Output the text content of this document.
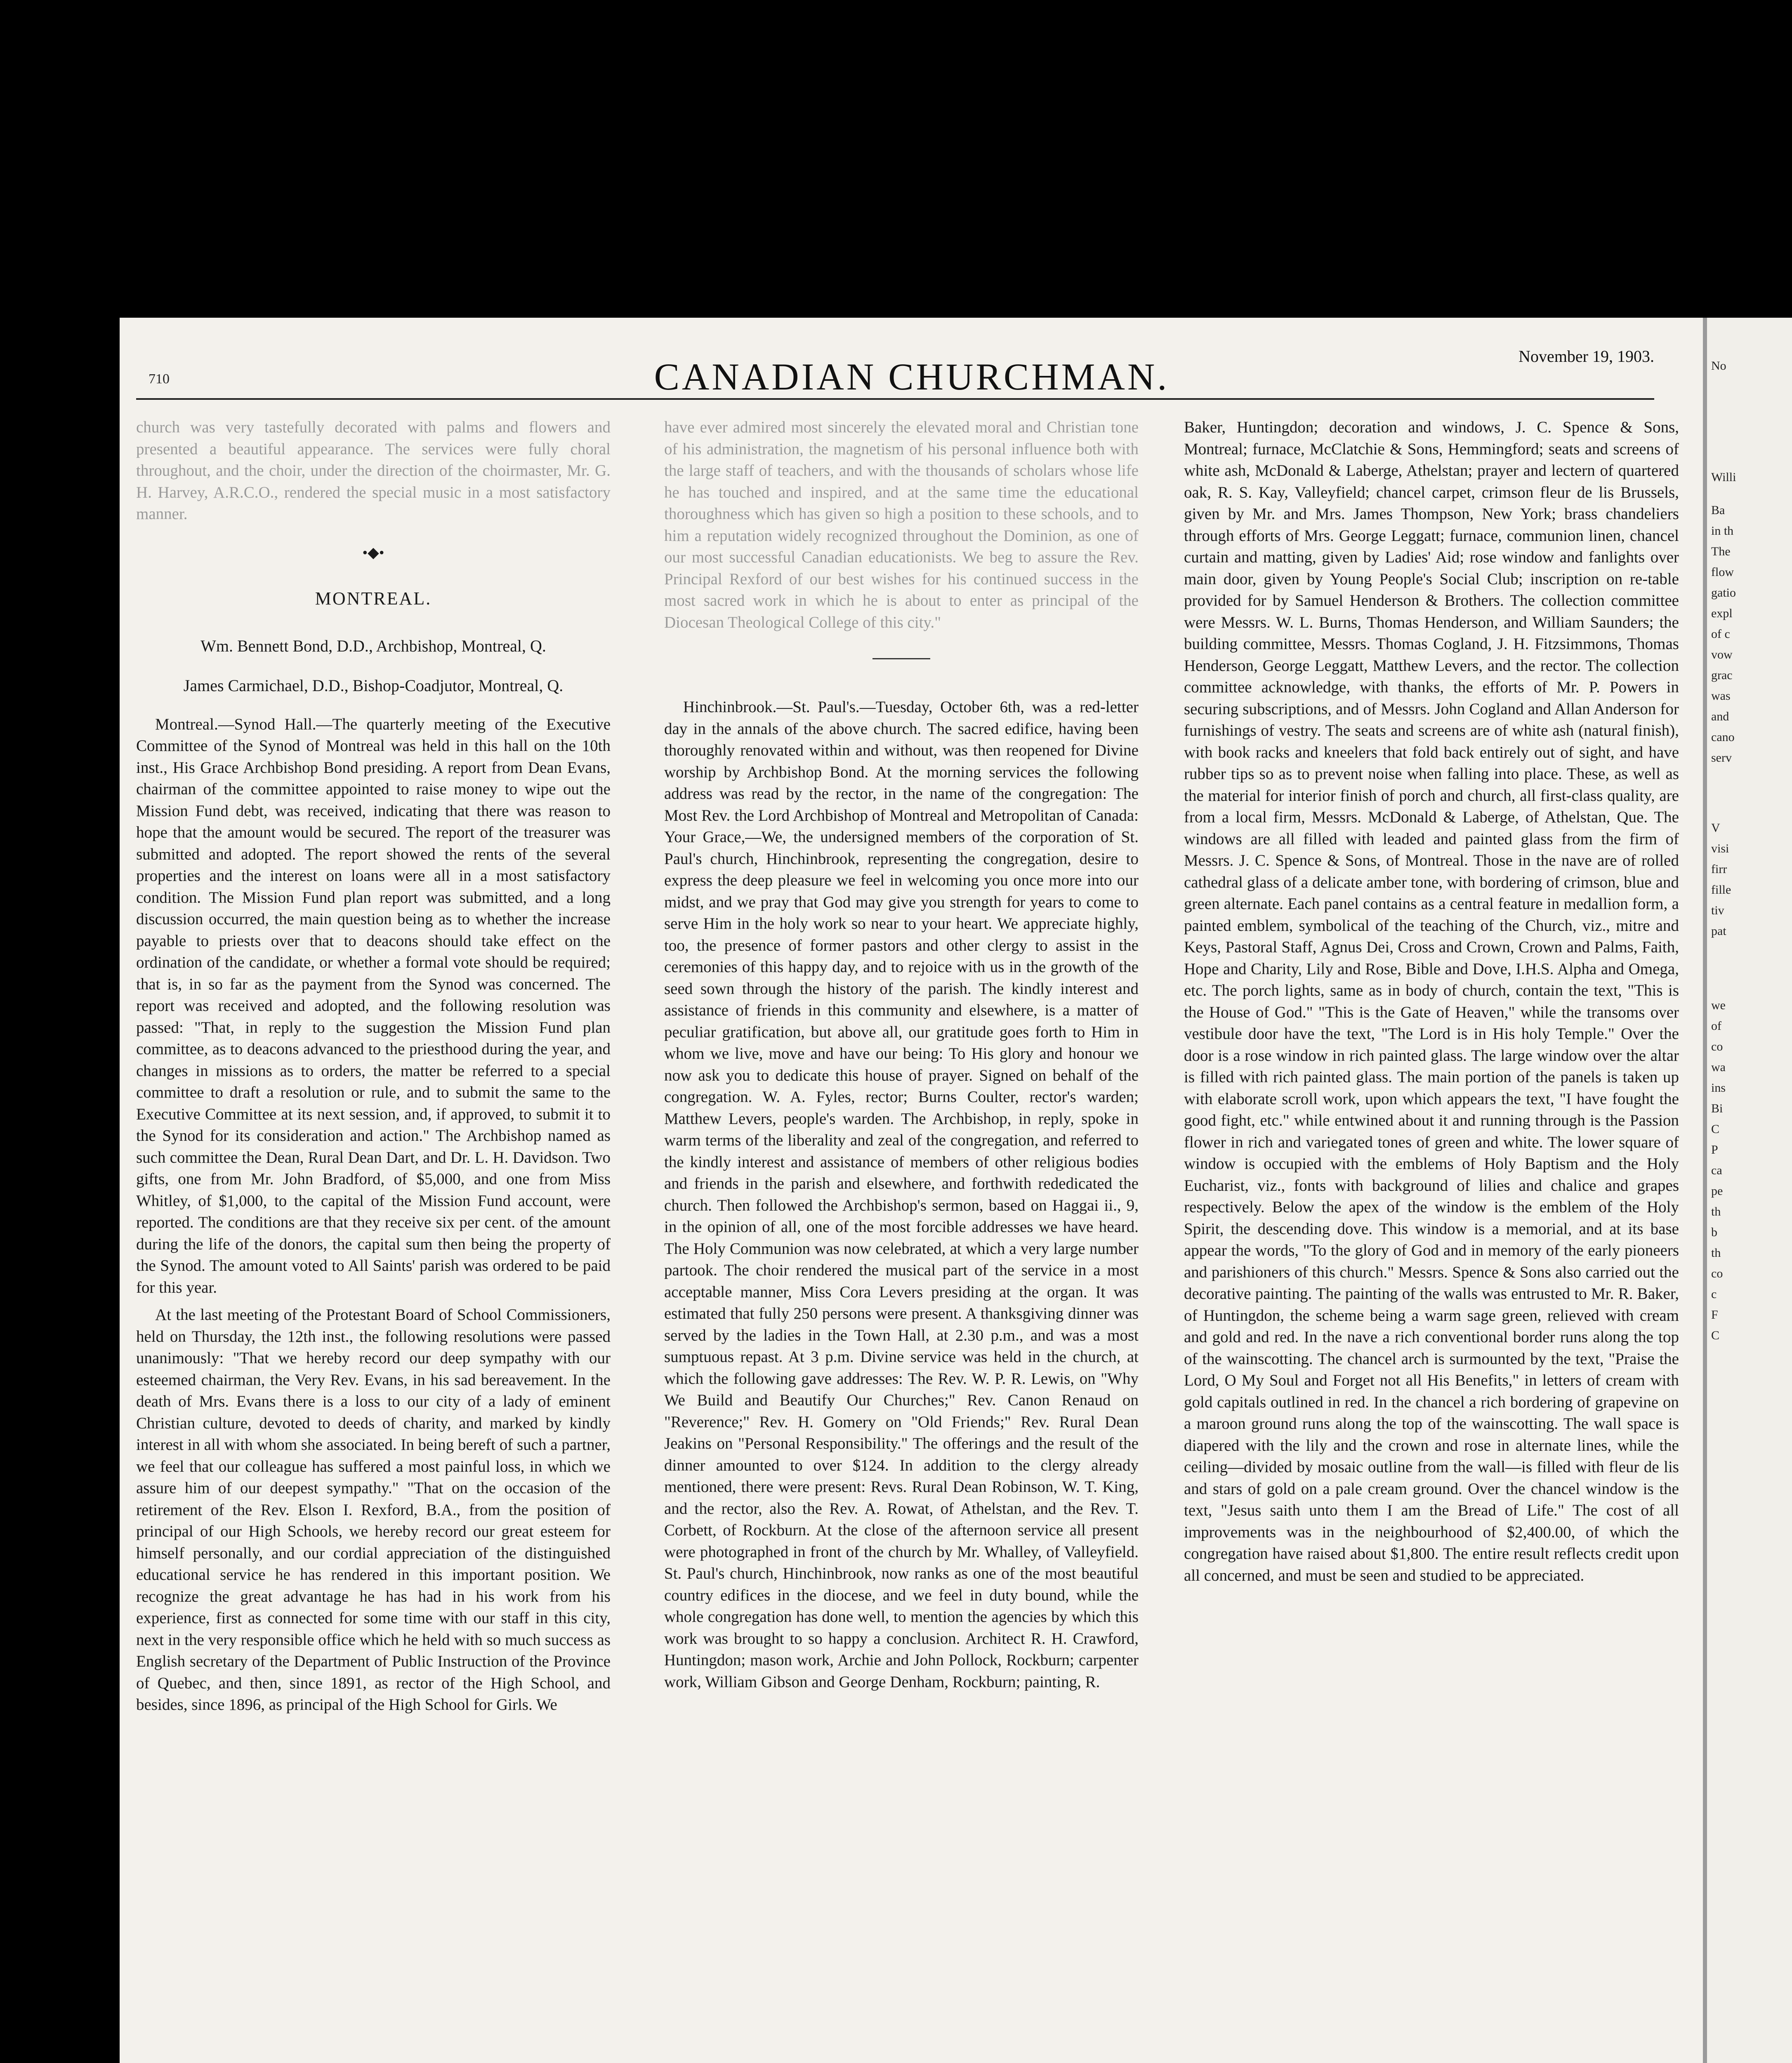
710	CANADIAN CHURCHMAN.	November 19, 1903.

church was very tastefully decorated with palms and flowers and presented a beautiful appearance. The services were fully choral throughout, and the choir, under the direction of the choirmaster, Mr. G. H. Harvey, A.R.C.O., rendered the special music in a most satisfactory manner.

•◆•
MONTREAL.
Wm. Bennett Bond, D.D., Archbishop, Montreal, Q.
James Carmichael, D.D., Bishop-Coadjutor, Montreal, Q.

Montreal.—Synod Hall.—The quarterly meeting of the Executive Committee of the Synod of Montreal was held in this hall on the 10th inst., His Grace Archbishop Bond presiding. A report from Dean Evans, chairman of the committee appointed to raise money to wipe out the Mission Fund debt, was received, indicating that there was reason to hope that the amount would be secured. The report of the treasurer was submitted and adopted. The report showed the rents of the several properties and the interest on loans were all in a most satisfactory condition. The Mission Fund plan report was submitted, and a long discussion occurred, the main question being as to whether the increase payable to priests over that to deacons should take effect on the ordination of the candidate, or whether a formal vote should be required; that is, in so far as the payment from the Synod was concerned. The report was received and adopted, and the following resolution was passed: "That, in reply to the suggestion the Mission Fund plan committee, as to deacons advanced to the priesthood during the year, and changes in missions as to orders, the matter be referred to a special committee to draft a resolution or rule, and to submit the same to the Executive Committee at its next session, and, if approved, to submit it to the Synod for its consideration and action." The Archbishop named as such committee the Dean, Rural Dean Dart, and Dr. L. H. Davidson. Two gifts, one from Mr. John Bradford, of $5,000, and one from Miss Whitley, of $1,000, to the capital of the Mission Fund account, were reported. The conditions are that they receive six per cent. of the amount during the life of the donors, the capital sum then being the property of the Synod. The amount voted to All Saints' parish was ordered to be paid for this year.

At the last meeting of the Protestant Board of School Commissioners, held on Thursday, the 12th inst., the following resolutions were passed unanimously: "That we hereby record our deep sympathy with our esteemed chairman, the Very Rev. Evans, in his sad bereavement. In the death of Mrs. Evans there is a loss to our city of a lady of eminent Christian culture, devoted to deeds of charity, and marked by kindly interest in all with whom she associated. In being bereft of such a partner, we feel that our colleague has suffered a most painful loss, in which we assure him of our deepest sympathy." "That on the occasion of the retirement of the Rev. Elson I. Rexford, B.A., from the position of principal of our High Schools, we hereby record our great esteem for himself personally, and our cordial appreciation of the distinguished educational service he has rendered in this important position. We recognize the great advantage he has had in his work from his experience, first as connected for some time with our staff in this city, next in the very responsible office which he held with so much success as English secretary of the Department of Public Instruction of the Province of Quebec, and then, since 1891, as rector of the High School, and besides, since 1896, as principal of the High School for Girls. We

have ever admired most sincerely the elevated moral and Christian tone of his administration, the magnetism of his personal influence both with the large staff of teachers, and with the thousands of scholars whose life he has touched and inspired, and at the same time the educational thoroughness which has given so high a position to these schools, and to him a reputation widely recognized throughout the Dominion, as one of our most successful Canadian educationists. We beg to assure the Rev. Principal Rexford of our best wishes for his continued success in the most sacred work in which he is about to enter as principal of the Diocesan Theological College of this city."

Hinchinbrook.—St. Paul's.—Tuesday, October 6th, was a red-letter day in the annals of the above church. The sacred edifice, having been thoroughly renovated within and without, was then reopened for Divine worship by Archbishop Bond. At the morning services the following address was read by the rector, in the name of the congregation: The Most Rev. the Lord Archbishop of Montreal and Metropolitan of Canada: Your Grace,—We, the undersigned members of the corporation of St. Paul's church, Hinchinbrook, representing the congregation, desire to express the deep pleasure we feel in welcoming you once more into our midst, and we pray that God may give you strength for years to come to serve Him in the holy work so near to your heart. We appreciate highly, too, the presence of former pastors and other clergy to assist in the ceremonies of this happy day, and to rejoice with us in the growth of the seed sown through the history of the parish. The kindly interest and assistance of friends in this community and elsewhere, is a matter of peculiar gratification, but above all, our gratitude goes forth to Him in whom we live, move and have our being: To His glory and honour we now ask you to dedicate this house of prayer. Signed on behalf of the congregation. W. A. Fyles, rector; Burns Coulter, rector's warden; Matthew Levers, people's warden. The Archbishop, in reply, spoke in warm terms of the liberality and zeal of the congregation, and referred to the kindly interest and assistance of members of other religious bodies and friends in the parish and elsewhere, and forthwith rededicated the church. Then followed the Archbishop's sermon, based on Haggai ii., 9, in the opinion of all, one of the most forcible addresses we have heard. The Holy Communion was now celebrated, at which a very large number partook. The choir rendered the musical part of the service in a most acceptable manner, Miss Cora Levers presiding at the organ. It was estimated that fully 250 persons were present. A thanksgiving dinner was served by the ladies in the Town Hall, at 2.30 p.m., and was a most sumptuous repast. At 3 p.m. Divine service was held in the church, at which the following gave addresses: The Rev. W. P. R. Lewis, on "Why We Build and Beautify Our Churches;" Rev. Canon Renaud on "Reverence;" Rev. H. Gomery on "Old Friends;" Rev. Rural Dean Jeakins on "Personal Responsibility." The offerings and the result of the dinner amounted to over $124. In addition to the clergy already mentioned, there were present: Revs. Rural Dean Robinson, W. T. King, and the rector, also the Rev. A. Rowat, of Athelstan, and the Rev. T. Corbett, of Rockburn. At the close of the afternoon service all present were photographed in front of the church by Mr. Whalley, of Valleyfield. St. Paul's church, Hinchinbrook, now ranks as one of the most beautiful country edifices in the diocese, and we feel in duty bound, while the whole congregation has done well, to mention the agencies by which this work was brought to so happy a conclusion. Architect R. H. Crawford, Huntingdon; mason work, Archie and John Pollock, Rockburn; carpenter work, William Gibson and George Denham, Rockburn; painting, R.

Baker, Huntingdon; decoration and windows, J. C. Spence & Sons, Montreal; furnace, McClatchie & Sons, Hemmingford; seats and screens of white ash, McDonald & Laberge, Athelstan; prayer and lectern of quartered oak, R. S. Kay, Valleyfield; chancel carpet, crimson fleur de lis Brussels, given by Mr. and Mrs. James Thompson, New York; brass chandeliers through efforts of Mrs. George Leggatt; furnace, communion linen, chancel curtain and matting, given by Ladies' Aid; rose window and fanlights over main door, given by Young People's Social Club; inscription on re-table provided for by Samuel Henderson & Brothers. The collection committee were Messrs. W. L. Burns, Thomas Henderson, and William Saunders; the building committee, Messrs. Thomas Cogland, J. H. Fitzsimmons, Thomas Henderson, George Leggatt, Matthew Levers, and the rector. The collection committee acknowledge, with thanks, the efforts of Mr. P. Powers in securing subscriptions, and of Messrs. John Cogland and Allan Anderson for furnishings of vestry. The seats and screens are of white ash (natural finish), with book racks and kneelers that fold back entirely out of sight, and have rubber tips so as to prevent noise when falling into place. These, as well as the material for interior finish of porch and church, all first-class quality, are from a local firm, Messrs. McDonald & Laberge, of Athelstan, Que. The windows are all filled with leaded and painted glass from the firm of Messrs. J. C. Spence & Sons, of Montreal. Those in the nave are of rolled cathedral glass of a delicate amber tone, with bordering of crimson, blue and green alternate. Each panel contains as a central feature in medallion form, a painted emblem, symbolical of the teaching of the Church, viz., mitre and Keys, Pastoral Staff, Agnus Dei, Cross and Crown, Crown and Palms, Faith, Hope and Charity, Lily and Rose, Bible and Dove, I.H.S. Alpha and Omega, etc. The porch lights, same as in body of church, contain the text, "This is the House of God." "This is the Gate of Heaven," while the transoms over vestibule door have the text, "The Lord is in His holy Temple." Over the door is a rose window in rich painted glass. The large window over the altar is filled with rich painted glass. The main portion of the panels is taken up with elaborate scroll work, upon which appears the text, "I have fought the good fight, etc." while entwined about it and running through is the Passion flower in rich and variegated tones of green and white. The lower square of window is occupied with the emblems of Holy Baptism and the Holy Eucharist, viz., fonts with background of lilies and chalice and grapes respectively. Below the apex of the window is the emblem of the Holy Spirit, the descending dove. This window is a memorial, and at its base appear the words, "To the glory of God and in memory of the early pioneers and parishioners of this church." Messrs. Spence & Sons also carried out the decorative painting. The painting of the walls was entrusted to Mr. R. Baker, of Huntingdon, the scheme being a warm sage green, relieved with cream and gold and red. In the nave a rich conventional border runs along the top of the wainscotting. The chancel arch is surmounted by the text, "Praise the Lord, O My Soul and Forget not all His Benefits," in letters of cream with gold capitals outlined in red. In the chancel a rich bordering of grapevine on a maroon ground runs along the top of the wainscotting. The wall space is diapered with the lily and the crown and rose in alternate lines, while the ceiling—divided by mosaic outline from the wall—is filled with fleur de lis and stars of gold on a pale cream ground. Over the chancel window is the text, "Jesus saith unto them I am the Bread of Life." The cost of all improvements was in the neighbourhood of $2,400.00, of which the congregation have raised about $1,800. The entire result reflects credit upon all concerned, and must be seen and studied to be appreciated.

No
Willi
Ba
in th
The
flow
gatio
expl
of c
vow
grac
was
and
cano
serv
V
visi
firr
fille
tiv
pat
we
of
co
wa
ins
Bi
C
P
ca
pe
th
b
th
co
c
F
C
